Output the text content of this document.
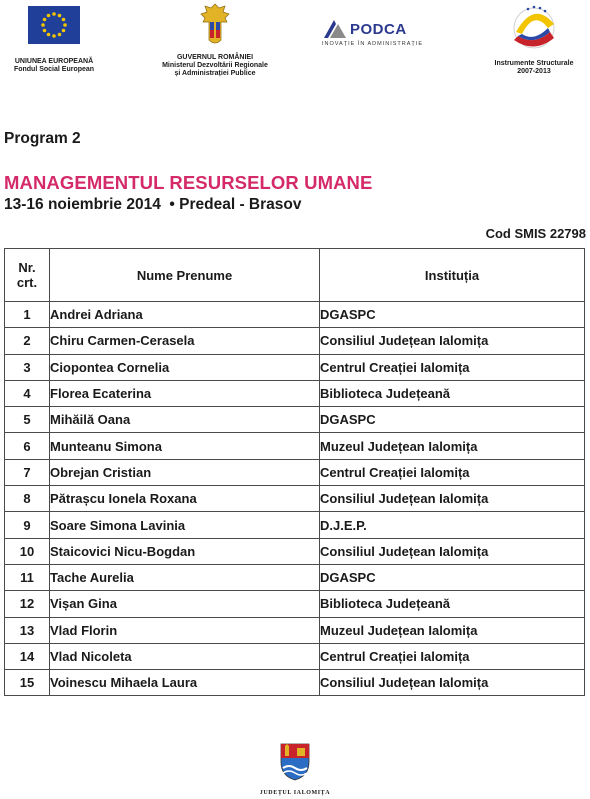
UNIUNEA EUROPEANĂ

Fondul Social European

GUVERNUL ROMÂNIEI

Ministerul Dezvoltării Regionale

și Administrației Publice

PODCA
INOVAȚIE ÎN ADMINISTRAȚIE

Instrumente Structurale

2007-2013

Program 2
MANAGEMENTUL RESURSELOR UMANE
13-16 noiembrie 2014  • Predeal - Brasov
Cod SMIS 22798
Nr.
crt.	Nume Prenume	Instituția
1	Andrei Adriana	DGASPC
2	Chiru Carmen-Cerasela	Consiliul Județean Ialomița
3	Ciopontea Cornelia	Centrul Creației Ialomița
4	Florea Ecaterina	Biblioteca Județeană
5	Mihăilă Oana	DGASPC
6	Munteanu Simona	Muzeul Județean Ialomița
7	Obrejan Cristian	Centrul Creației Ialomița
8	Pătrașcu Ionela Roxana	Consiliul Județean Ialomița
9	Soare Simona Lavinia	D.J.E.P.
10	Staicovici Nicu-Bogdan	Consiliul Județean Ialomița
11	Tache Aurelia	DGASPC
12	Vișan Gina	Biblioteca Județeană
13	Vlad Florin	Muzeul Județean Ialomița
14	Vlad Nicoleta	Centrul Creației Ialomița
15	Voinescu Mihaela Laura	Consiliul Județean Ialomița
JUDEȚUL IALOMIȚA
